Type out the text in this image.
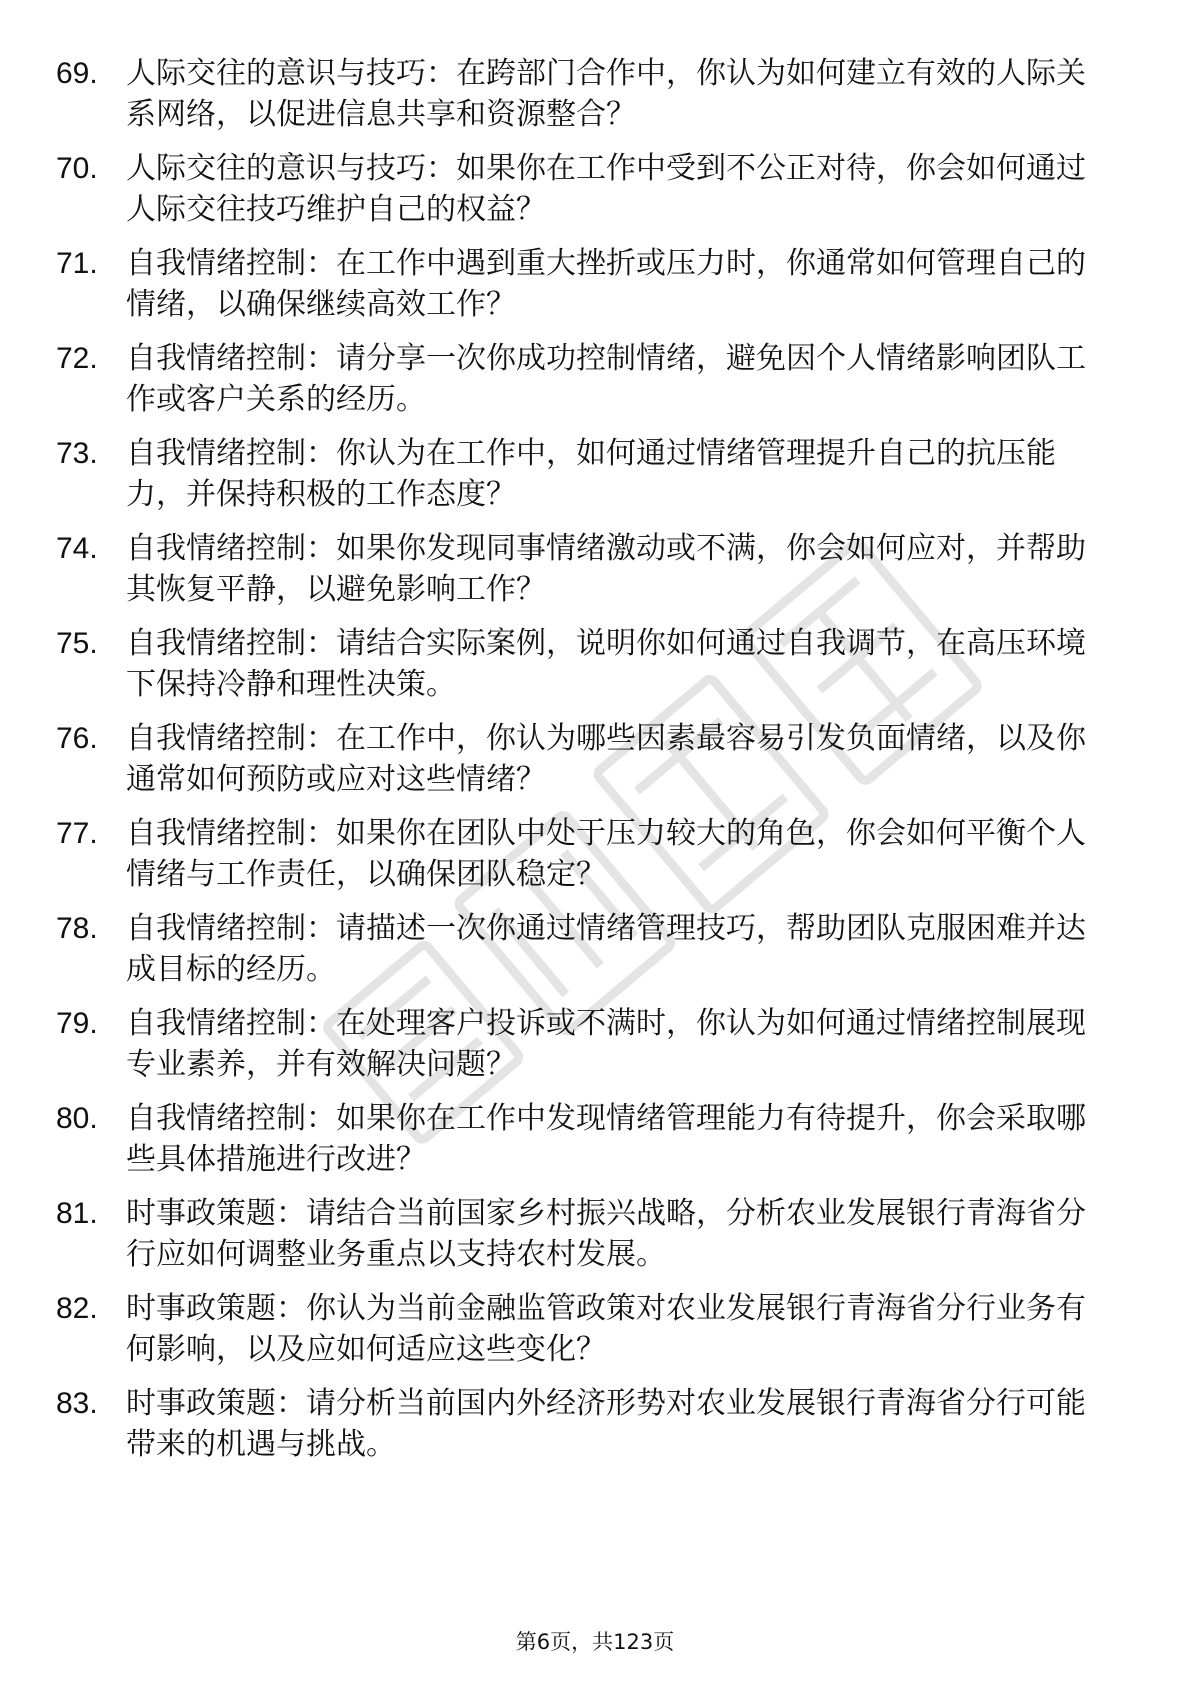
69. 人际交往的意识与技巧：在跨部门合作中，你认为如何建立有效的人际关系网络，以促进信息共享和资源整合？
70. 人际交往的意识与技巧：如果你在工作中受到不公正对待，你会如何通过人际交往技巧维护自己的权益？
71. 自我情绪控制：在工作中遇到重大挫折或压力时，你通常如何管理自己的情绪，以确保继续高效工作？
72. 自我情绪控制：请分享一次你成功控制情绪，避免因个人情绪影响团队工作或客户关系的经历。
73. 自我情绪控制：你认为在工作中，如何通过情绪管理提升自己的抗压能力，并保持积极的工作态度？
74. 自我情绪控制：如果你发现同事情绪激动或不满，你会如何应对，并帮助其恢复平静，以避免影响工作？
75. 自我情绪控制：请结合实际案例，说明你如何通过自我调节，在高压环境下保持冷静和理性决策。
76. 自我情绪控制：在工作中，你认为哪些因素最容易引发负面情绪，以及你通常如何预防或应对这些情绪？
77. 自我情绪控制：如果你在团队中处于压力较大的角色，你会如何平衡个人情绪与工作责任，以确保团队稳定？
78. 自我情绪控制：请描述一次你通过情绪管理技巧，帮助团队克服困难并达成目标的经历。
79. 自我情绪控制：在处理客户投诉或不满时，你认为如何通过情绪控制展现专业素养，并有效解决问题？
80. 自我情绪控制：如果你在工作中发现情绪管理能力有待提升，你会采取哪些具体措施进行改进？
81. 时事政策题：请结合当前国家乡村振兴战略，分析农业发展银行青海省分行应如何调整业务重点以支持农村发展。
82. 时事政策题：你认为当前金融监管政策对农业发展银行青海省分行业务有何影响，以及应如何适应这些变化？
83. 时事政策题：请分析当前国内外经济形势对农业发展银行青海省分行可能带来的机遇与挑战。
第6页，共123页
